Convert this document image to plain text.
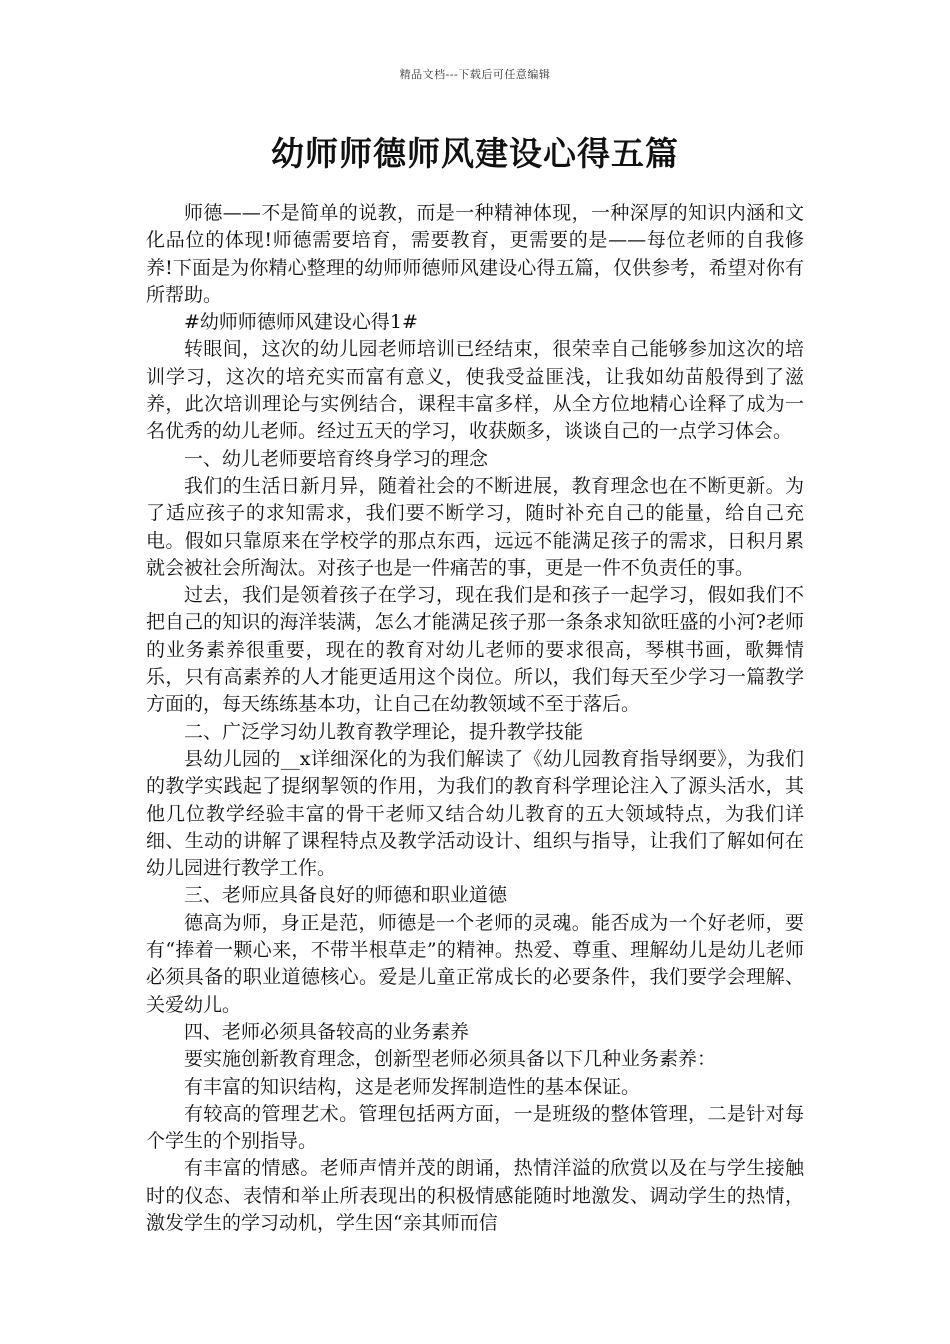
精品文档---下载后可任意编辑
幼师师德师风建设心得五篇

师德——不是简单的说教，而是一种精神体现，一种深厚的知识内涵和文化品位的体现!师德需要培育，需要教育，更需要的是——每位老师的自我修养!下面是为你精心整理的幼师师德师风建设心得五篇，仅供参考，希望对你有所帮助。

#幼师师德师风建设心得1#

转眼间，这次的幼儿园老师培训已经结束，很荣幸自己能够参加这次的培训学习，这次的培充实而富有意义，使我受益匪浅，让我如幼苗般得到了滋养，此次培训理论与实例结合，课程丰富多样，从全方位地精心诠释了成为一名优秀的幼儿老师。经过五天的学习，收获颇多，谈谈自己的一点学习体会。

一、幼儿老师要培育终身学习的理念

我们的生活日新月异，随着社会的不断进展，教育理念也在不断更新。为了适应孩子的求知需求，我们要不断学习，随时补充自己的能量，给自己充电。假如只靠原来在学校学的那点东西，远远不能满足孩子的需求，日积月累就会被社会所淘汰。对孩子也是一件痛苦的事，更是一件不负责任的事。

过去，我们是领着孩子在学习，现在我们是和孩子一起学习，假如我们不把自己的知识的海洋装满，怎么才能满足孩子那一条条求知欲旺盛的小河?老师的业务素养很重要，现在的教育对幼儿老师的要求很高，琴棋书画，歌舞情乐，只有高素养的人才能更适用这个岗位。所以，我们每天至少学习一篇教学方面的，每天练练基本功，让自己在幼教领域不至于落后。

二、广泛学习幼儿教育教学理论，提升教学技能

县幼儿园的__x详细深化的为我们解读了《幼儿园教育指导纲要》，为我们的教学实践起了提纲挈领的作用，为我们的教育科学理论注入了源头活水，其他几位教学经验丰富的骨干老师又结合幼儿教育的五大领域特点，为我们详细、生动的讲解了课程特点及教学活动设计、组织与指导，让我们了解如何在幼儿园进行教学工作。

三、老师应具备良好的师德和职业道德

德高为师，身正是范，师德是一个老师的灵魂。能否成为一个好老师，要有“捧着一颗心来，不带半根草走”的精神。热爱、尊重、理解幼儿是幼儿老师必须具备的职业道德核心。爱是儿童正常成长的必要条件，我们要学会理解、关爱幼儿。

四、老师必须具备较高的业务素养

要实施创新教育理念，创新型老师必须具备以下几种业务素养：

有丰富的知识结构，这是老师发挥制造性的基本保证。

有较高的管理艺术。管理包括两方面，一是班级的整体管理，二是针对每个学生的个别指导。

有丰富的情感。老师声情并茂的朗诵，热情洋溢的欣赏以及在与学生接触时的仪态、表情和举止所表现出的积极情感能随时地激发、调动学生的热情，激发学生的学习动机，学生因“亲其师而信
